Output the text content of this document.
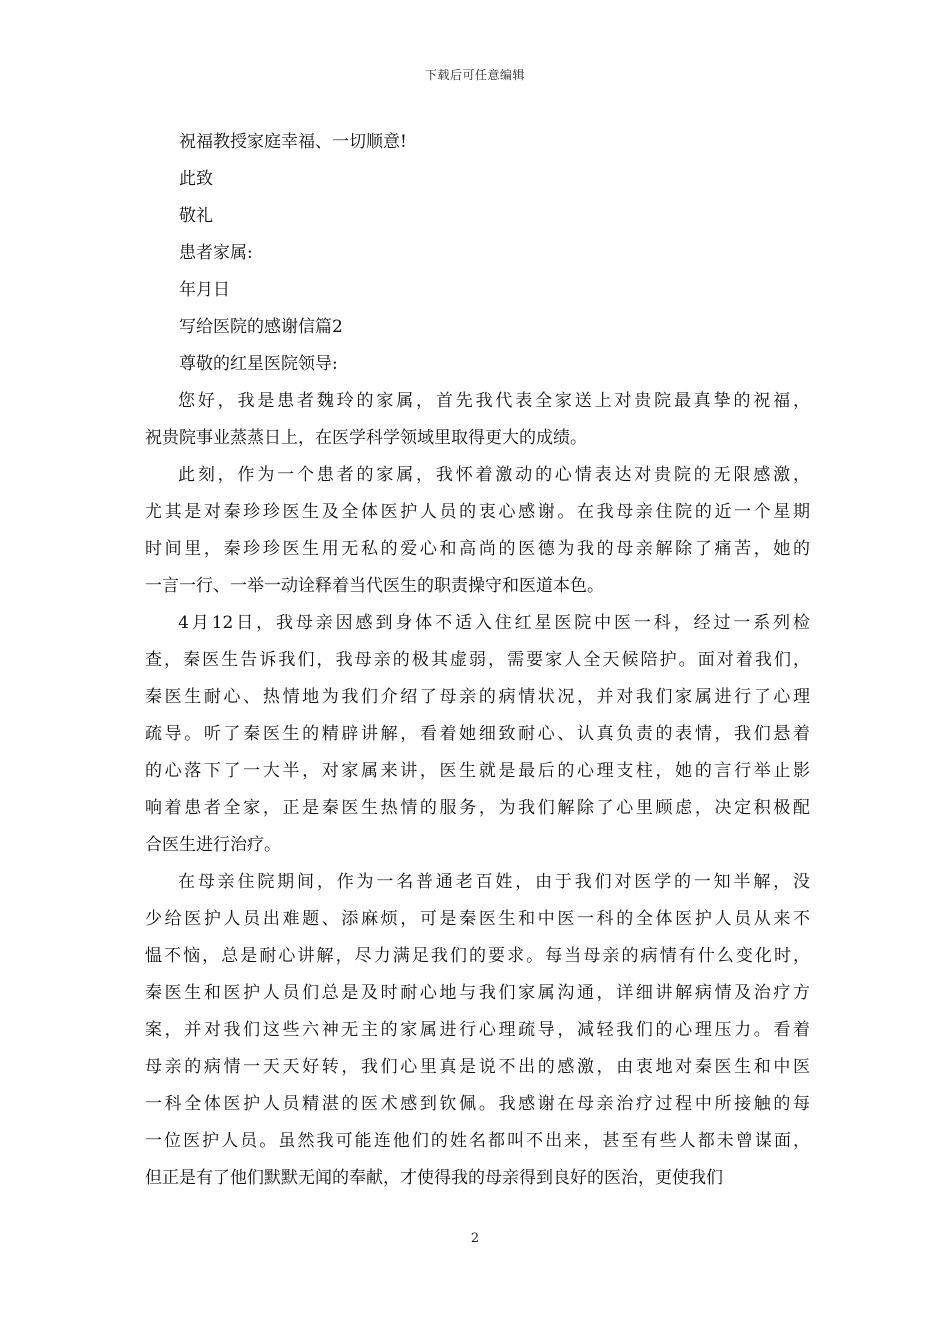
下载后可任意编辑
祝福教授家庭幸福、一切顺意!
此致
敬礼
患者家属:
年月日
写给医院的感谢信篇2
尊敬的红星医院领导:
您好，我是患者魏玲的家属，首先我代表全家送上对贵院最真挚的祝福，
祝贵院事业蒸蒸日上，在医学科学领域里取得更大的成绩。
此刻，作为一个患者的家属，我怀着激动的心情表达对贵院的无限感激，
尤其是对秦珍珍医生及全体医护人员的衷心感谢。在我母亲住院的近一个星期
时间里，秦珍珍医生用无私的爱心和高尚的医德为我的母亲解除了痛苦，她的
一言一行、一举一动诠释着当代医生的职责操守和医道本色。
4月12日，我母亲因感到身体不适入住红星医院中医一科，经过一系列检
查，秦医生告诉我们，我母亲的极其虚弱，需要家人全天候陪护。面对着我们，
秦医生耐心、热情地为我们介绍了母亲的病情状况，并对我们家属进行了心理
疏导。听了秦医生的精辟讲解，看着她细致耐心、认真负责的表情，我们悬着
的心落下了一大半，对家属来讲，医生就是最后的心理支柱，她的言行举止影
响着患者全家，正是秦医生热情的服务，为我们解除了心里顾虑，决定积极配
合医生进行治疗。
在母亲住院期间，作为一名普通老百姓，由于我们对医学的一知半解，没
少给医护人员出难题、添麻烦，可是秦医生和中医一科的全体医护人员从来不
愠不恼，总是耐心讲解，尽力满足我们的要求。每当母亲的病情有什么变化时，
秦医生和医护人员们总是及时耐心地与我们家属沟通，详细讲解病情及治疗方
案，并对我们这些六神无主的家属进行心理疏导，减轻我们的心理压力。看着
母亲的病情一天天好转，我们心里真是说不出的感激，由衷地对秦医生和中医
一科全体医护人员精湛的医术感到钦佩。我感谢在母亲治疗过程中所接触的每
一位医护人员。虽然我可能连他们的姓名都叫不出来，甚至有些人都未曾谋面，
但正是有了他们默默无闻的奉献，才使得我的母亲得到良好的医治，更使我们
2
